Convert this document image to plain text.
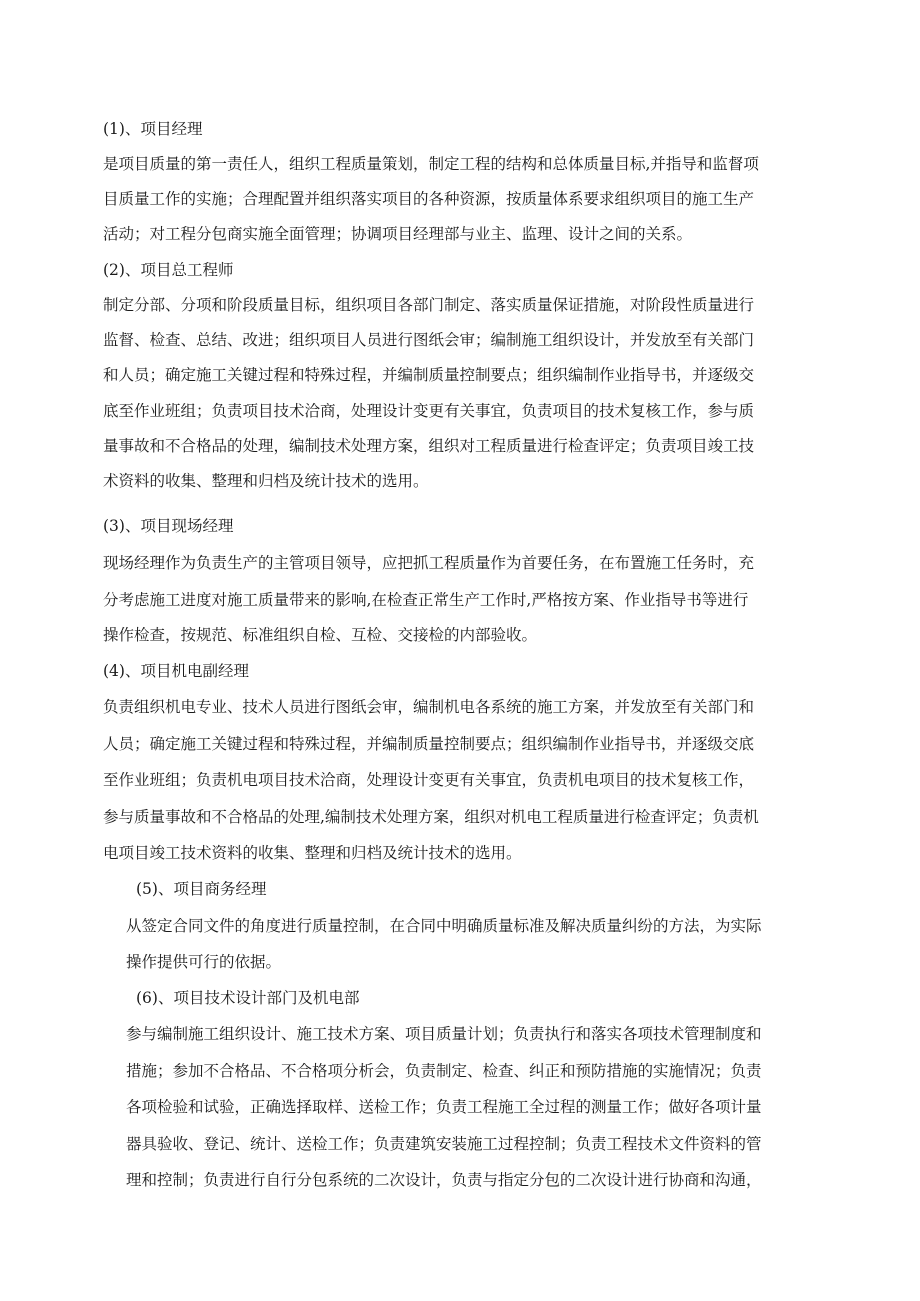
(1)、项目经理
是项目质量的第一责任人，组织工程质量策划，制定工程的结构和总体质量目标,并指导和监督项
目质量工作的实施；合理配置并组织落实项目的各种资源，按质量体系要求组织项目的施工生产
活动；对工程分包商实施全面管理；协调项目经理部与业主、监理、设计之间的关系。
(2)、项目总工程师
制定分部、分项和阶段质量目标，组织项目各部门制定、落实质量保证措施，对阶段性质量进行
监督、检查、总结、改进；组织项目人员进行图纸会审；编制施工组织设计，并发放至有关部门
和人员；确定施工关键过程和特殊过程，并编制质量控制要点；组织编制作业指导书，并逐级交
底至作业班组；负责项目技术洽商，处理设计变更有关事宜，负责项目的技术复核工作，参与质
量事故和不合格品的处理，编制技术处理方案，组织对工程质量进行检查评定；负责项目竣工技
术资料的收集、整理和归档及统计技术的选用。
(3)、项目现场经理
现场经理作为负责生产的主管项目领导，应把抓工程质量作为首要任务，在布置施工任务时，充
分考虑施工进度对施工质量带来的影响,在检查正常生产工作时,严格按方案、作业指导书等进行
操作检查，按规范、标准组织自检、互检、交接检的内部验收。
(4)、项目机电副经理
负责组织机电专业、技术人员进行图纸会审，编制机电各系统的施工方案，并发放至有关部门和
人员；确定施工关键过程和特殊过程，并编制质量控制要点；组织编制作业指导书，并逐级交底
至作业班组；负责机电项目技术洽商，处理设计变更有关事宜，负责机电项目的技术复核工作，
参与质量事故和不合格品的处理,编制技术处理方案，组织对机电工程质量进行检查评定；负责机
电项目竣工技术资料的收集、整理和归档及统计技术的选用。
(5)、项目商务经理
从签定合同文件的角度进行质量控制，在合同中明确质量标准及解决质量纠纷的方法，为实际
操作提供可行的依据。
(6)、项目技术设计部门及机电部
参与编制施工组织设计、施工技术方案、项目质量计划；负责执行和落实各项技术管理制度和
措施；参加不合格品、不合格项分析会，负责制定、检查、纠正和预防措施的实施情况；负责
各项检验和试验，正确选择取样、送检工作；负责工程施工全过程的测量工作；做好各项计量
器具验收、登记、统计、送检工作；负责建筑安装施工过程控制；负责工程技术文件资料的管
理和控制；负责进行自行分包系统的二次设计，负责与指定分包的二次设计进行协商和沟通，
